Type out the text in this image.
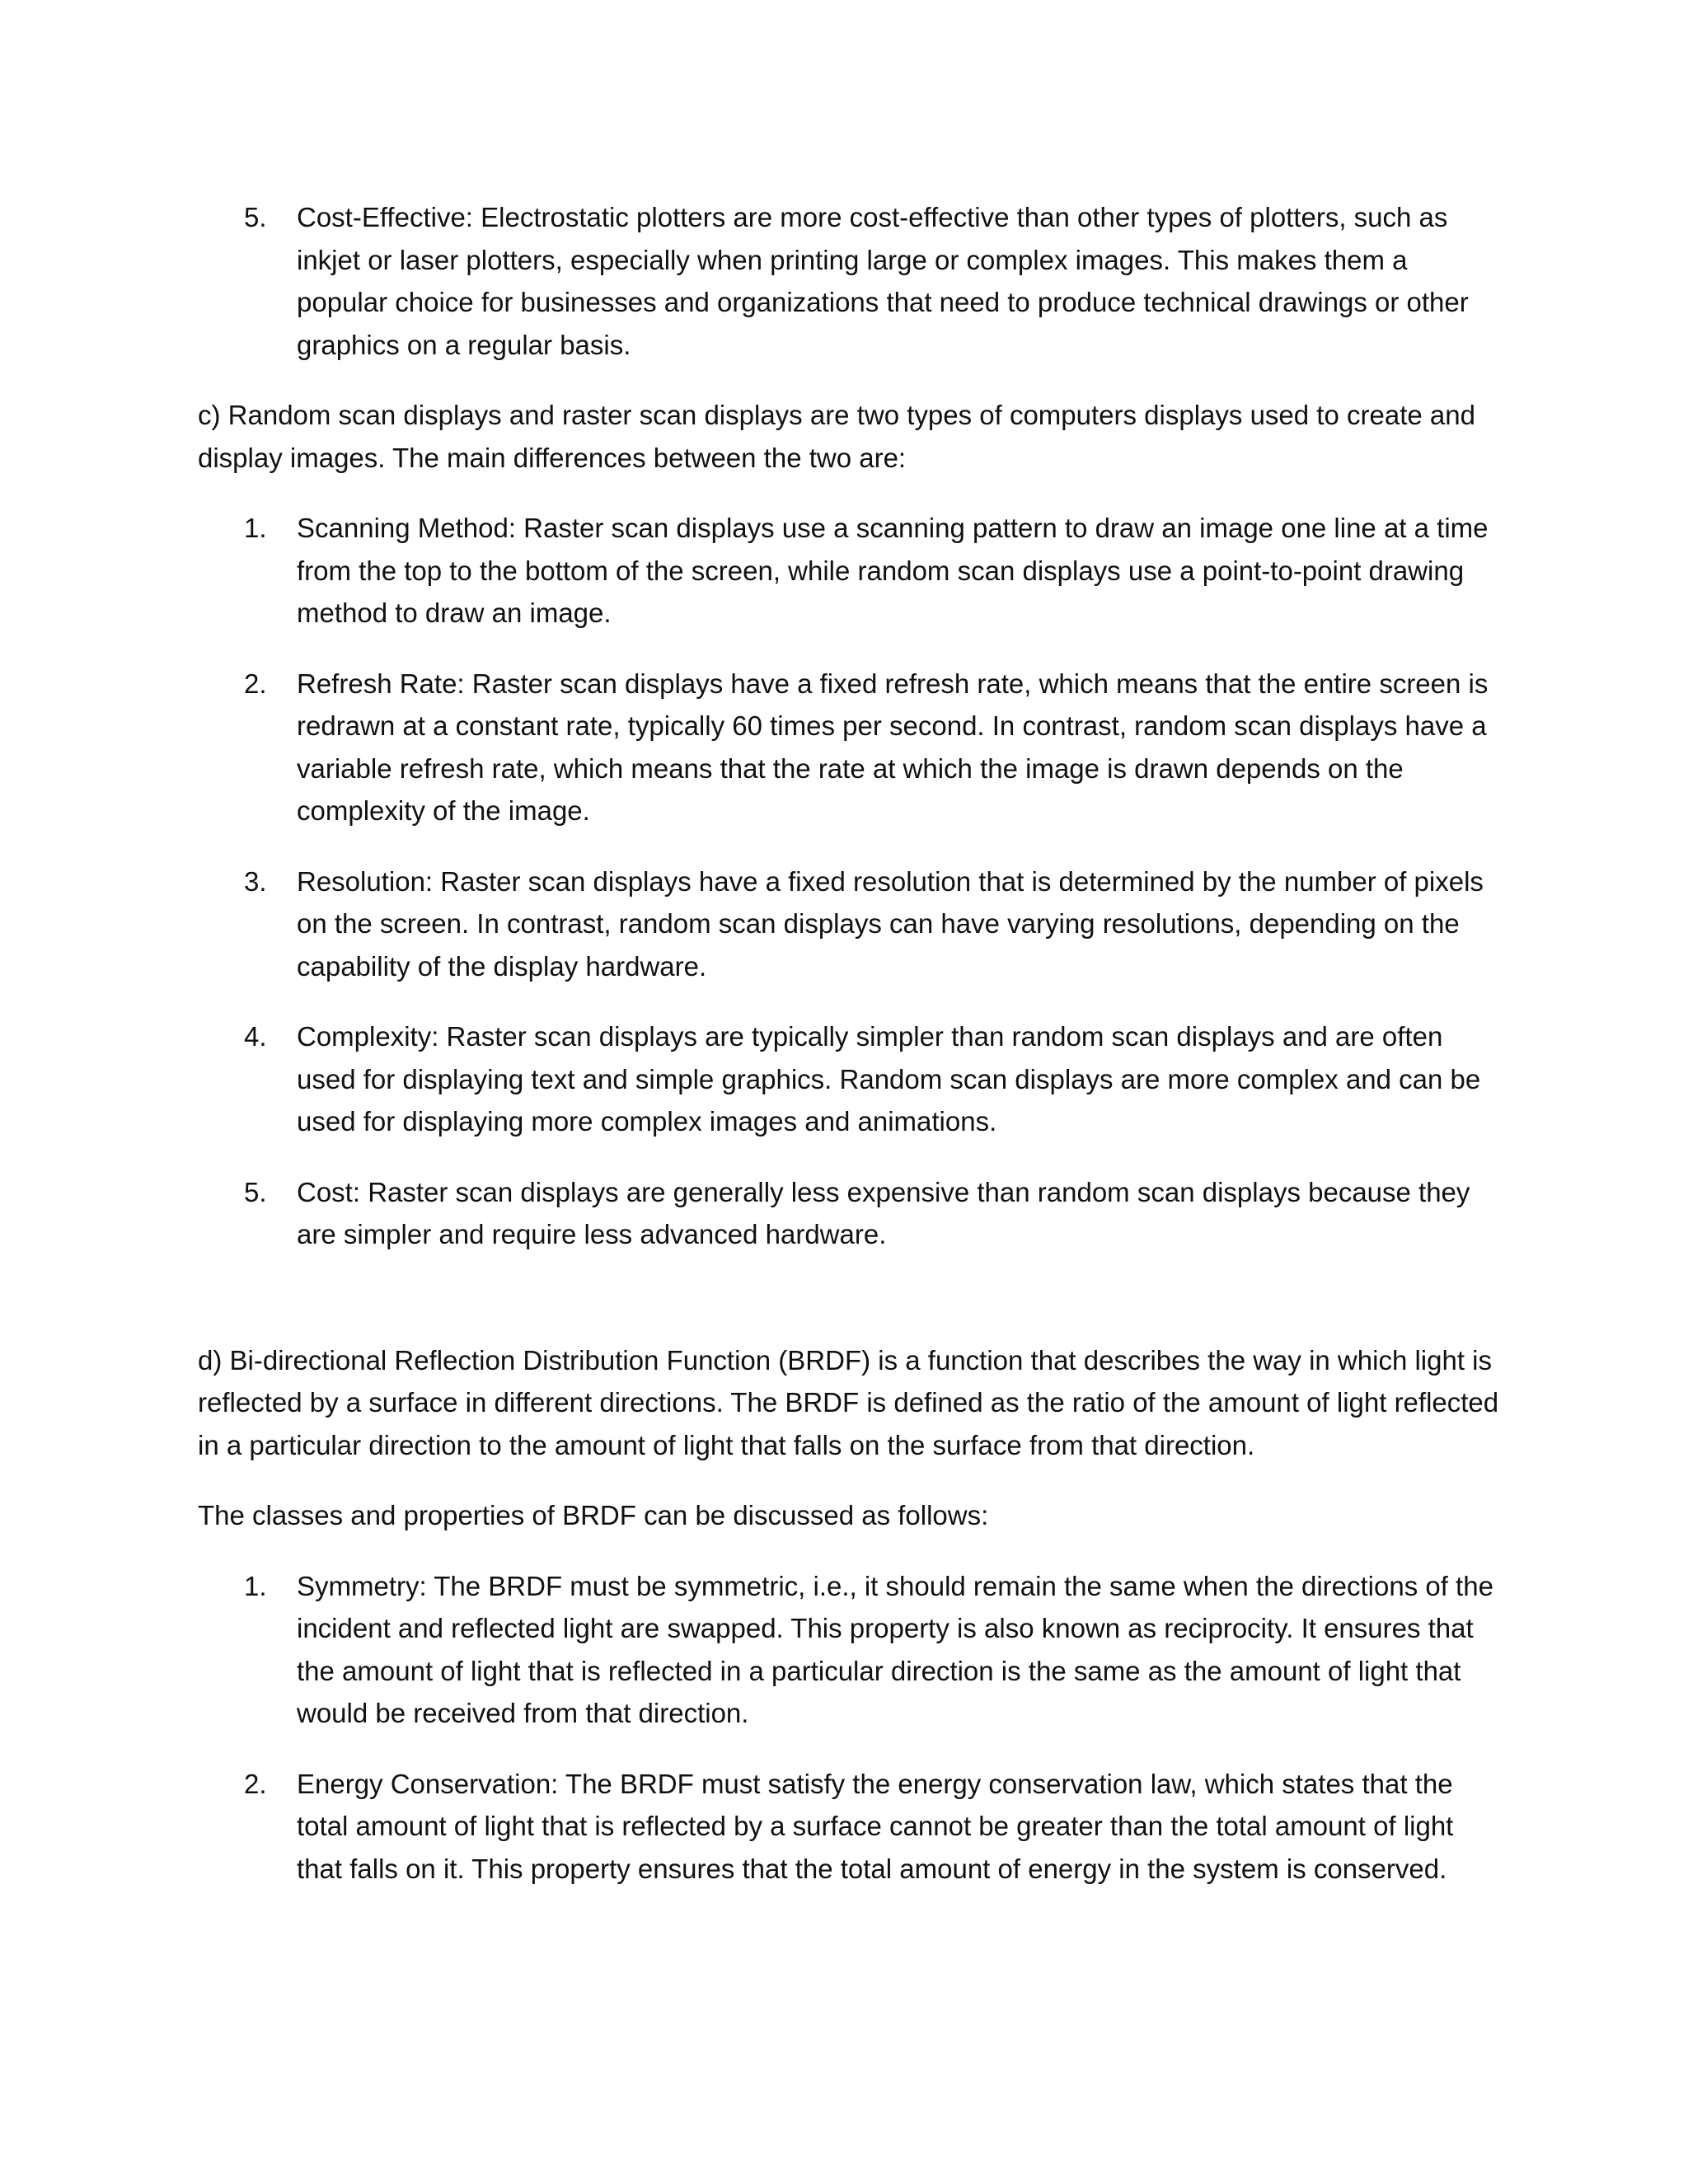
5. Cost-Effective: Electrostatic plotters are more cost-effective than other types of plotters, such as inkjet or laser plotters, especially when printing large or complex images. This makes them a popular choice for businesses and organizations that need to produce technical drawings or other graphics on a regular basis.

c) Random scan displays and raster scan displays are two types of computers displays used to create and display images. The main differences between the two are:

1. Scanning Method: Raster scan displays use a scanning pattern to draw an image one line at a time from the top to the bottom of the screen, while random scan displays use a point-to-point drawing method to draw an image.
2. Refresh Rate: Raster scan displays have a fixed refresh rate, which means that the entire screen is redrawn at a constant rate, typically 60 times per second. In contrast, random scan displays have a variable refresh rate, which means that the rate at which the image is drawn depends on the complexity of the image.
3. Resolution: Raster scan displays have a fixed resolution that is determined by the number of pixels on the screen. In contrast, random scan displays can have varying resolutions, depending on the capability of the display hardware.
4. Complexity: Raster scan displays are typically simpler than random scan displays and are often used for displaying text and simple graphics. Random scan displays are more complex and can be used for displaying more complex images and animations.
5. Cost: Raster scan displays are generally less expensive than random scan displays because they are simpler and require less advanced hardware.

d) Bi-directional Reflection Distribution Function (BRDF) is a function that describes the way in which light is reflected by a surface in different directions. The BRDF is defined as the ratio of the amount of light reflected in a particular direction to the amount of light that falls on the surface from that direction.

The classes and properties of BRDF can be discussed as follows:

1. Symmetry: The BRDF must be symmetric, i.e., it should remain the same when the directions of the incident and reflected light are swapped. This property is also known as reciprocity. It ensures that the amount of light that is reflected in a particular direction is the same as the amount of light that would be received from that direction.
2. Energy Conservation: The BRDF must satisfy the energy conservation law, which states that the total amount of light that is reflected by a surface cannot be greater than the total amount of light that falls on it. This property ensures that the total amount of energy in the system is conserved.
